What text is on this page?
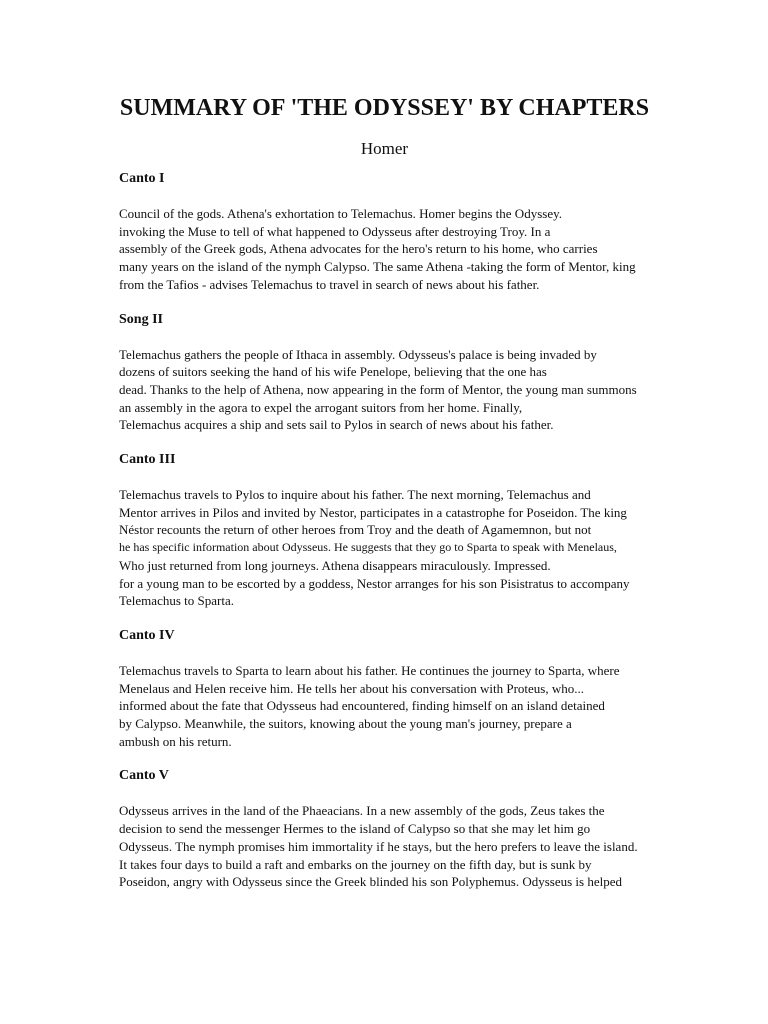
SUMMARY OF 'THE ODYSSEY' BY CHAPTERS
Homer
Canto I
Council of the gods. Athena's exhortation to Telemachus. Homer begins the Odyssey.
invoking the Muse to tell of what happened to Odysseus after destroying Troy. In a
assembly of the Greek gods, Athena advocates for the hero's return to his home, who carries
many years on the island of the nymph Calypso. The same Athena -taking the form of Mentor, king
from the Tafios - advises Telemachus to travel in search of news about his father.
Song II
Telemachus gathers the people of Ithaca in assembly. Odysseus's palace is being invaded by
dozens of suitors seeking the hand of his wife Penelope, believing that the one has
dead. Thanks to the help of Athena, now appearing in the form of Mentor, the young man summons
an assembly in the agora to expel the arrogant suitors from her home. Finally,
Telemachus acquires a ship and sets sail to Pylos in search of news about his father.
Canto III
Telemachus travels to Pylos to inquire about his father. The next morning, Telemachus and
Mentor arrives in Pilos and invited by Nestor, participates in a catastrophe for Poseidon. The king
Néstor recounts the return of other heroes from Troy and the death of Agamemnon, but not
he has specific information about Odysseus. He suggests that they go to Sparta to speak with Menelaus,
Who just returned from long journeys. Athena disappears miraculously. Impressed.
for a young man to be escorted by a goddess, Nestor arranges for his son Pisistratus to accompany
Telemachus to Sparta.
Canto IV
Telemachus travels to Sparta to learn about his father. He continues the journey to Sparta, where
Menelaus and Helen receive him. He tells her about his conversation with Proteus, who...
informed about the fate that Odysseus had encountered, finding himself on an island detained
by Calypso. Meanwhile, the suitors, knowing about the young man's journey, prepare a
ambush on his return.
Canto V
Odysseus arrives in the land of the Phaeacians. In a new assembly of the gods, Zeus takes the
decision to send the messenger Hermes to the island of Calypso so that she may let him go
Odysseus. The nymph promises him immortality if he stays, but the hero prefers to leave the island.
It takes four days to build a raft and embarks on the journey on the fifth day, but is sunk by
Poseidon, angry with Odysseus since the Greek blinded his son Polyphemus. Odysseus is helped
